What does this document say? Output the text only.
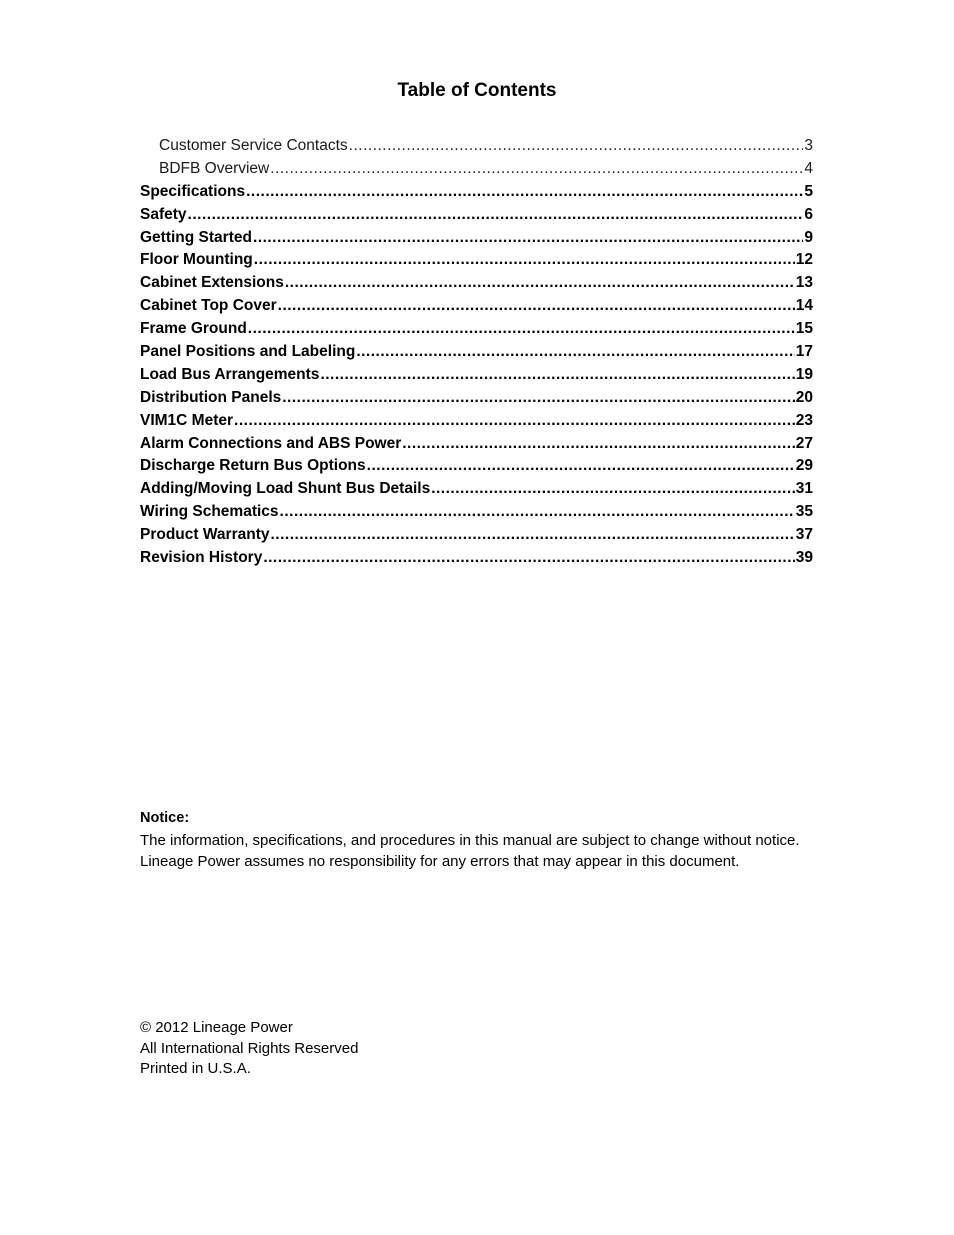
Table of Contents
Customer Service Contacts .....	3
BDFB Overview .....	4
Specifications .....	5
Safety .....	6
Getting Started .....	9
Floor Mounting .....	12
Cabinet Extensions .....	13
Cabinet Top Cover .....	14
Frame Ground .....	15
Panel Positions and Labeling .....	17
Load Bus Arrangements .....	19
Distribution Panels .....	20
VIM1C Meter .....	23
Alarm Connections and ABS Power .....	27
Discharge Return Bus Options .....	29
Adding/Moving Load Shunt Bus Details .....	31
Wiring Schematics .....	35
Product Warranty .....	37
Revision History .....	39
Notice:
The information, specifications, and procedures in this manual are subject to change without notice. Lineage Power assumes no responsibility for any errors that may appear in this document.
© 2012 Lineage Power
All International Rights Reserved
Printed in U.S.A.
